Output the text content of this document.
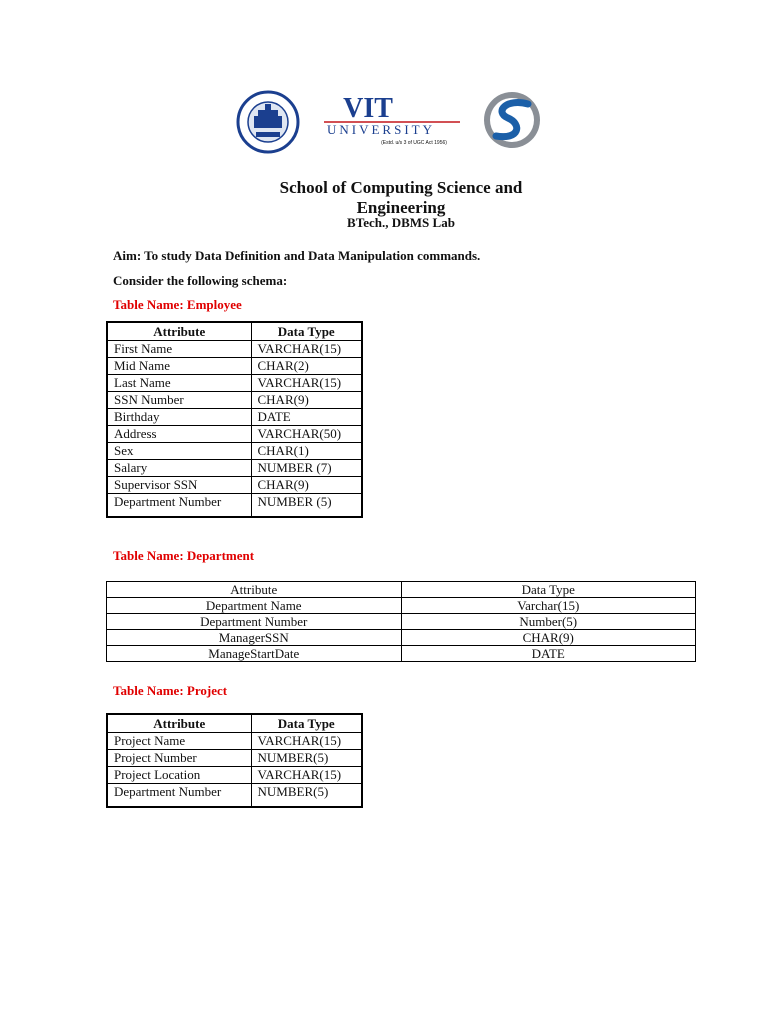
VIT
UNIVERSITY
(Estd. u/s 3 of UGC Act 1956)
School of Computing Science and Engineering
BTech., DBMS Lab
Aim: To study Data Definition and Data Manipulation commands.
Consider the following schema:
Table Name: Employee
Attribute	Data Type
First Name	VARCHAR(15)
Mid Name	CHAR(2)
Last Name	VARCHAR(15)
SSN Number	CHAR(9)
Birthday	DATE
Address	VARCHAR(50)
Sex	CHAR(1)
Salary	NUMBER (7)
Supervisor SSN	CHAR(9)
Department Number	NUMBER (5)
Table Name: Department
Attribute	Data Type
Department Name	Varchar(15)
Department Number	Number(5)
ManagerSSN	CHAR(9)
ManageStartDate	DATE
Table Name: Project
Attribute	Data Type
Project Name	VARCHAR(15)
Project Number	NUMBER(5)
Project Location	VARCHAR(15)
Department Number	NUMBER(5)
